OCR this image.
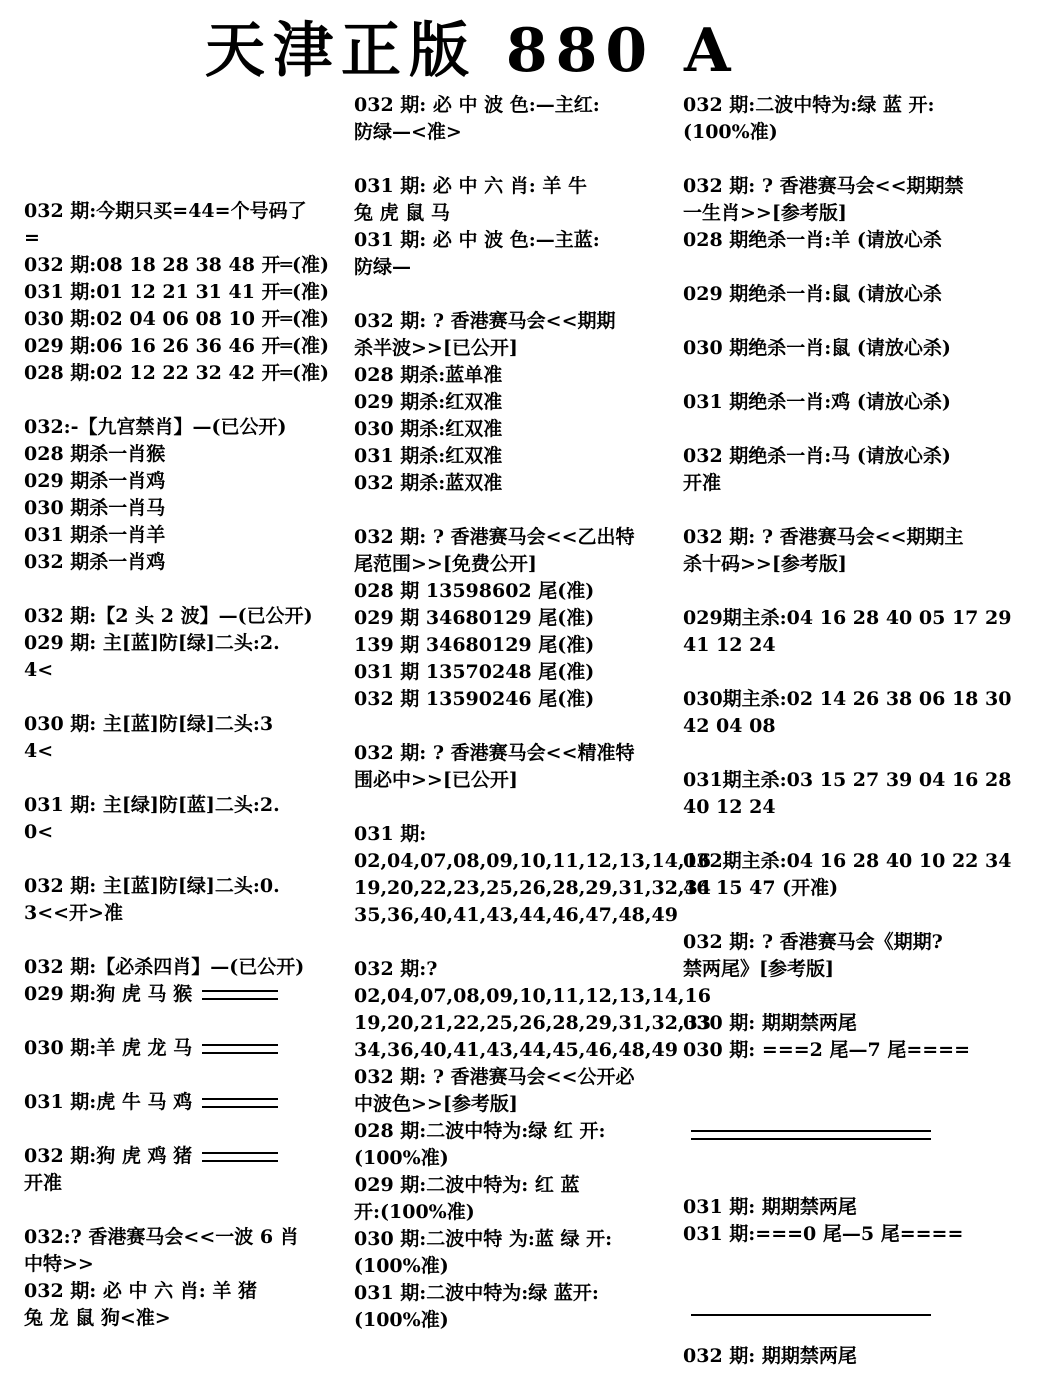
天津正版 880 A
032 期:今期只买=44=个号码了
=
032 期:08 18 28 38 48 开═(准)
031 期:01 12 21 31 41 开═(准)
030 期:02 04 06 08 10 开═(准)
029 期:06 16 26 36 46 开═(准)
028 期:02 12 22 32 42 开═(准)
032:-【九宫禁肖】—(已公开)
028 期杀一肖猴
029 期杀一肖鸡
030 期杀一肖马
031 期杀一肖羊
032 期杀一肖鸡
032 期:【2 头 2 波】—(已公开)
029 期: 主[蓝]防[绿]二头:2.
4<
030 期: 主[蓝]防[绿]二头:3
4<
031 期: 主[绿]防[蓝]二头:2.
0<
032 期: 主[蓝]防[绿]二头:0.
3<<开>准
032 期:【必杀四肖】—(已公开)
029 期:狗 虎 马 猴
030 期:羊 虎 龙 马
031 期:虎 牛 马 鸡
032 期:狗 虎 鸡 猪
开准
032:? 香港赛马会<<一波 6 肖
中特>>
032 期: 必 中 六 肖: 羊 猪
兔 龙 鼠 狗<准>
032 期: 必 中 波 色:—主红:
防绿—<准>
031 期: 必 中 六 肖: 羊 牛
兔 虎 鼠 马
031 期: 必 中 波 色:—主蓝:
防绿—
032 期: ? 香港赛马会<<期期
杀半波>>[已公开]
028 期杀:蓝单准
029 期杀:红双准
030 期杀:红双准
031 期杀:红双准
032 期杀:蓝双准
032 期: ? 香港赛马会<<乙出特
尾范围>>[免费公开]
028 期 13598602 尾(准)
029 期 34680129 尾(准)
139 期 34680129 尾(准)
031 期 13570248 尾(准)
032 期 13590246 尾(准)
032 期: ? 香港赛马会<<精准特
围必中>>[已公开]
031 期:
02,04,07,08,09,10,11,12,13,14,16
19,20,22,23,25,26,28,29,31,32,34
35,36,40,41,43,44,46,47,48,49
032 期:?
02,04,07,08,09,10,11,12,13,14,16
19,20,21,22,25,26,28,29,31,32,33
34,36,40,41,43,44,45,46,48,49
032 期: ? 香港赛马会<<公开必
中波色>>[参考版]
028 期:二波中特为:绿 红 开:
(100%准)
029 期:二波中特为: 红 蓝
开:(100%准)
030 期:二波中特 为:蓝 绿 开:
(100%准)
031 期:二波中特为:绿 蓝开:
(100%准)
032 期:二波中特为:绿 蓝 开:
(100%准)
032 期: ? 香港赛马会<<期期禁
一生肖>>[参考版]
028 期绝杀一肖:羊 (请放心杀
029 期绝杀一肖:鼠 (请放心杀
030 期绝杀一肖:鼠 (请放心杀)
031 期绝杀一肖:鸡 (请放心杀)
032 期绝杀一肖:马 (请放心杀)
开准
032 期: ? 香港赛马会<<期期主
杀十码>>[参考版]
029期主杀:04 16 28 40 05 17 29
41 12 24
030期主杀:02 14 26 38 06 18 30
42 04 08
031期主杀:03 15 27 39 04 16 28
40 12 24
032期主杀:04 16 28 40 10 22 34
46 15 47 (开准)
032 期: ? 香港赛马会《期期?
禁两尾》[参考版]
030 期: 期期禁两尾
030 期: ===2 尾—7 尾====
031 期: 期期禁两尾
031 期:===0 尾—5 尾====
032 期: 期期禁两尾
